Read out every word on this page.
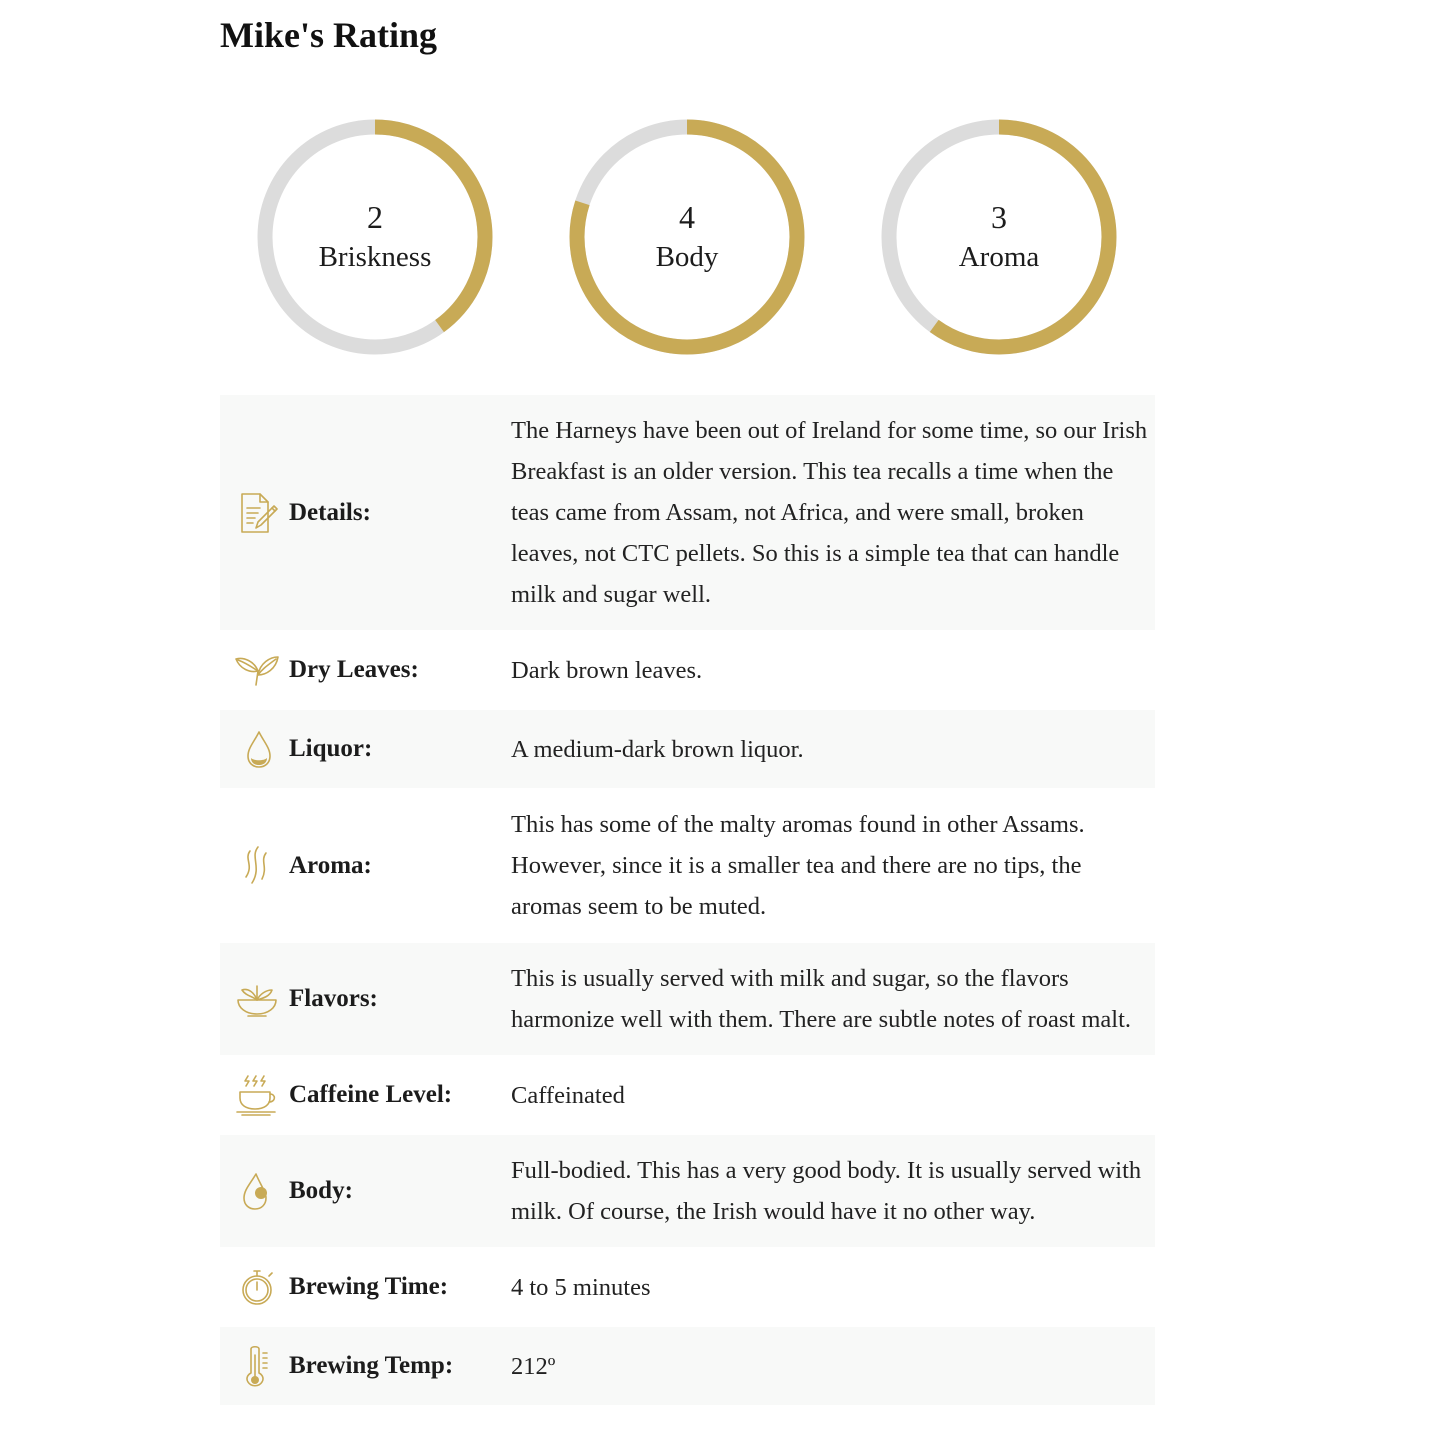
Mike's Rating
2
Briskness
4
Body
3
Aroma
Details:
The Harneys have been out of Ireland for some time, so our Irish Breakfast is an older version. This tea recalls a time when the teas came from Assam, not Africa, and were small, broken leaves, not CTC pellets. So this is a simple tea that can handle milk and sugar well.
Dry Leaves:	Dark brown leaves.
Liquor:	A medium-dark brown liquor.
Aroma:
This has some of the malty aromas found in other Assams. However, since it is a smaller tea and there are no tips, the aromas seem to be muted.
Flavors:
This is usually served with milk and sugar, so the flavors harmonize well with them. There are subtle notes of roast malt.
Caffeine Level:	Caffeinated
Body:
Full-bodied. This has a very good body. It is usually served with milk. Of course, the Irish would have it no other way.
Brewing Time:	4 to 5 minutes
Brewing Temp:	212º
